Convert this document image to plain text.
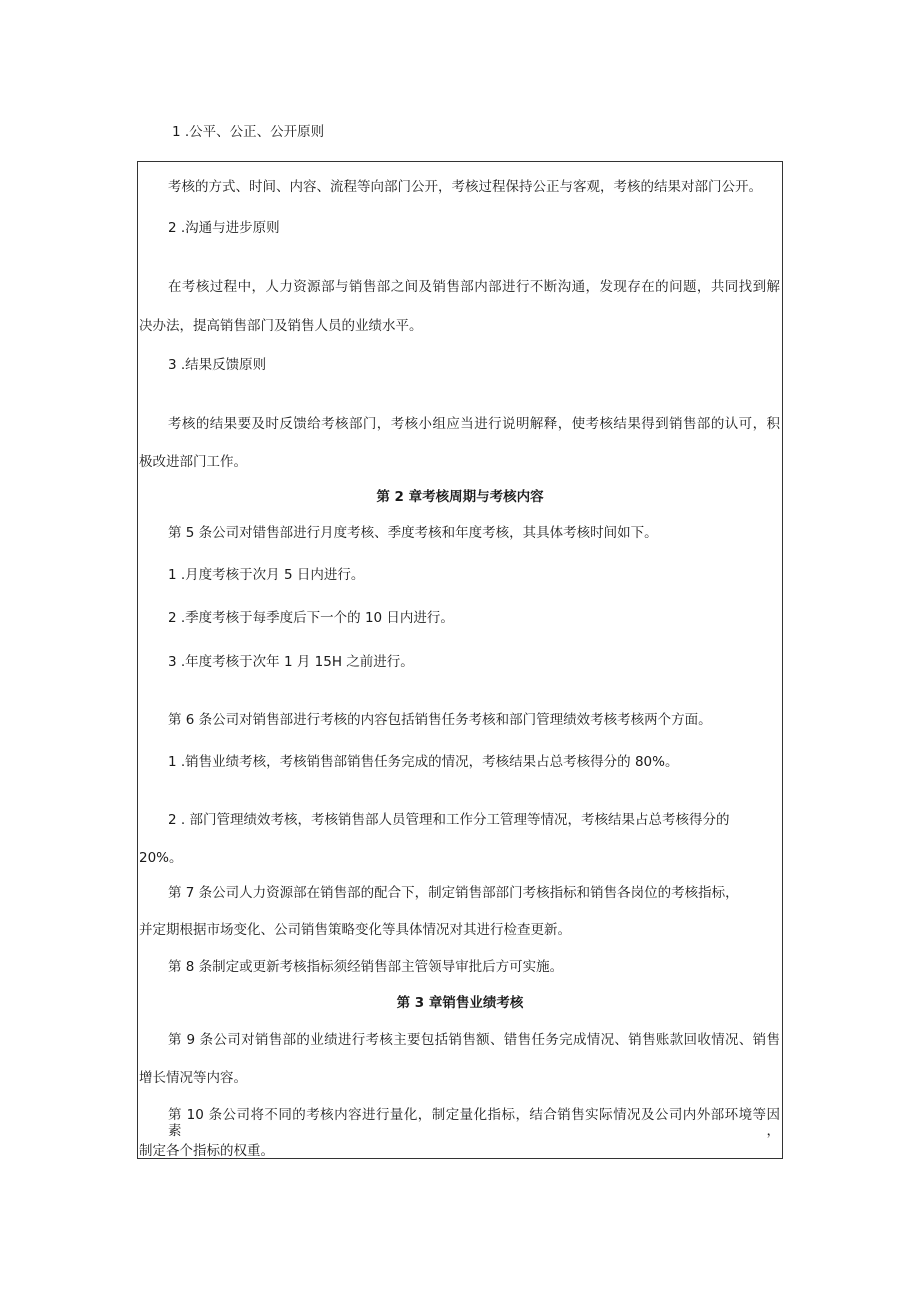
1 .公平、公正、公开原则

考核的方式、时间、内容、流程等向部门公开，考核过程保持公正与客观，考核的结果对部门公开。

2 .沟通与进步原则

在考核过程中，人力资源部与销售部之间及销售部内部进行不断沟通，发现存在的问题，共同找到解

决办法，提高销售部门及销售人员的业绩水平。

3 .结果反馈原则

考核的结果要及时反馈给考核部门，考核小组应当进行说明解释，使考核结果得到销售部的认可，积

极改进部门工作。

第 2 章考核周期与考核内容

第 5 条公司对错售部进行月度考核、季度考核和年度考核，其具体考核时间如下。

1 .月度考核于次月 5 日内进行。

2 .季度考核于每季度后下一个的 10 日内进行。

3 .年度考核于次年 1 月 15H 之前进行。

第 6 条公司对销售部进行考核的内容包括销售任务考核和部门管理绩效考核考核两个方面。

1 .销售业绩考核，考核销售部销售任务完成的情况，考核结果占总考核得分的 80%。

2 . 部门管理绩效考核，考核销售部人员管理和工作分工管理等情况，考核结果占总考核得分的

20%。

第 7 条公司人力资源部在销售部的配合下，制定销售部部门考核指标和销售各岗位的考核指标，

并定期根据市场变化、公司销售策略变化等具体情况对其进行检查更新。

第 8 条制定或更新考核指标须经销售部主管领导审批后方可实施。

第 3 章销售业绩考核

第 9 条公司对销售部的业绩进行考核主要包括销售额、错售任务完成情况、销售账款回收情况、销售

增长情况等内容。

第 10 条公司将不同的考核内容进行量化，制定量化指标，结合销售实际情况及公司内外部环境等因素，

制定各个指标的权重。
